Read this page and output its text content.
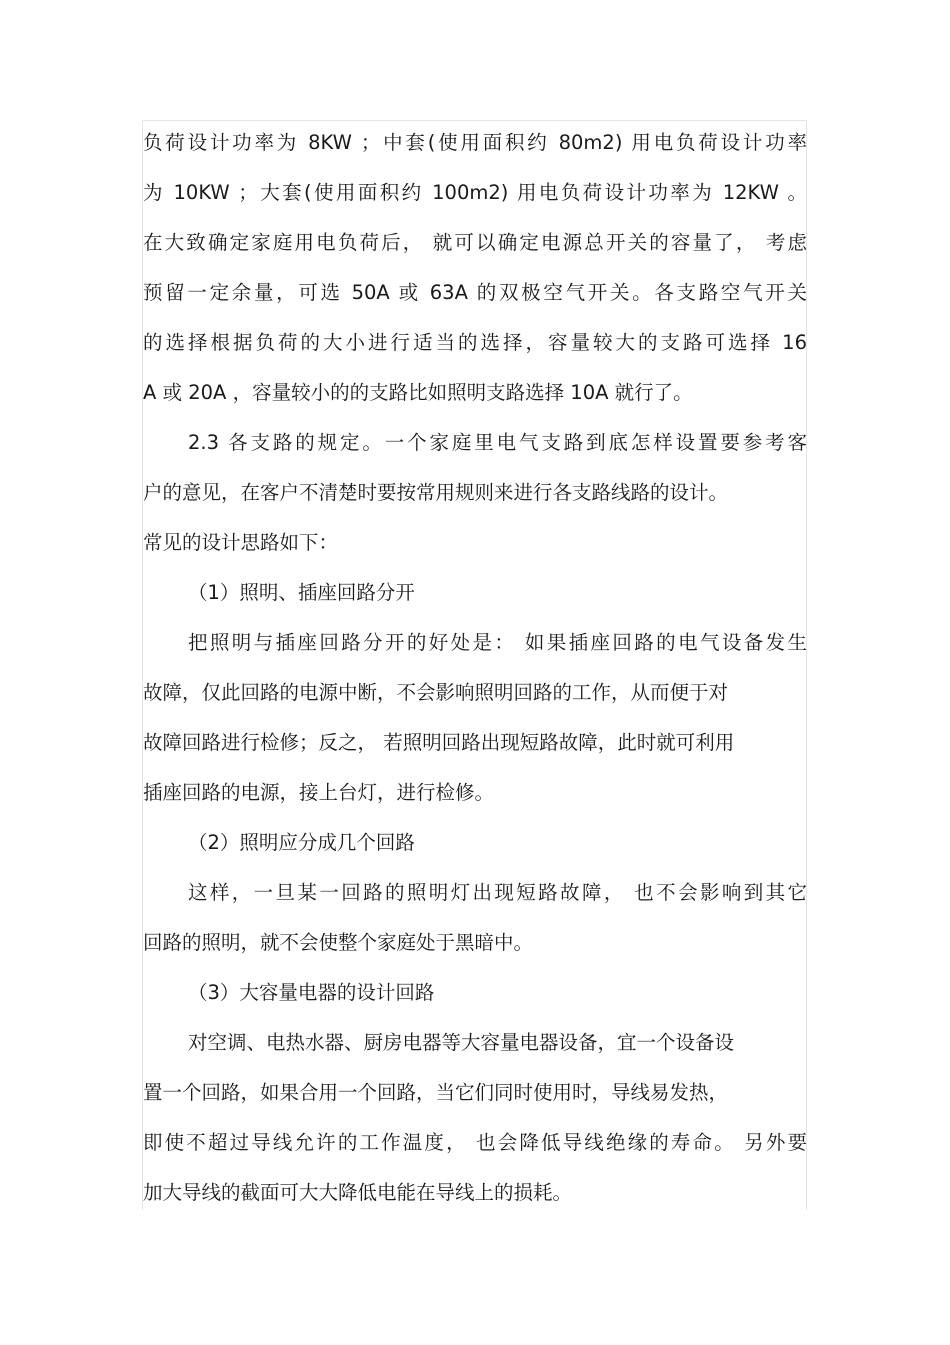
负荷设计功率为 8KW ；中套(使用面积约 80m2) 用电负荷设计功率
为 10KW ；大套(使用面积约 100m2) 用电负荷设计功率为 12KW 。
在大致确定家庭用电负荷后， 就可以确定电源总开关的容量了， 考虑
预留一定余量，可选 50A 或 63A 的双极空气开关。各支路空气开关
的选择根据负荷的大小进行适当的选择，容量较大的支路可选择 16
A 或 20A ，容量较小的的支路比如照明支路选择 10A 就行了。
2.3 各支路的规定。一个家庭里电气支路到底怎样设置要参考客
户的意见，在客户不清楚时要按常用规则来进行各支路线路的设计。
常见的设计思路如下：
（1）照明、插座回路分开
把照明与插座回路分开的好处是： 如果插座回路的电气设备发生
故障，仅此回路的电源中断，不会影响照明回路的工作，从而便于对
故障回路进行检修；反之， 若照明回路出现短路故障，此时就可利用
插座回路的电源，接上台灯，进行检修。
（2）照明应分成几个回路
这样，一旦某一回路的照明灯出现短路故障， 也不会影响到其它
回路的照明，就不会使整个家庭处于黑暗中。
（3）大容量电器的设计回路
对空调、电热水器、厨房电器等大容量电器设备，宜一个设备设
置一个回路，如果合用一个回路，当它们同时使用时，导线易发热，
即使不超过导线允许的工作温度， 也会降低导线绝缘的寿命。 另外要
加大导线的截面可大大降低电能在导线上的损耗。
